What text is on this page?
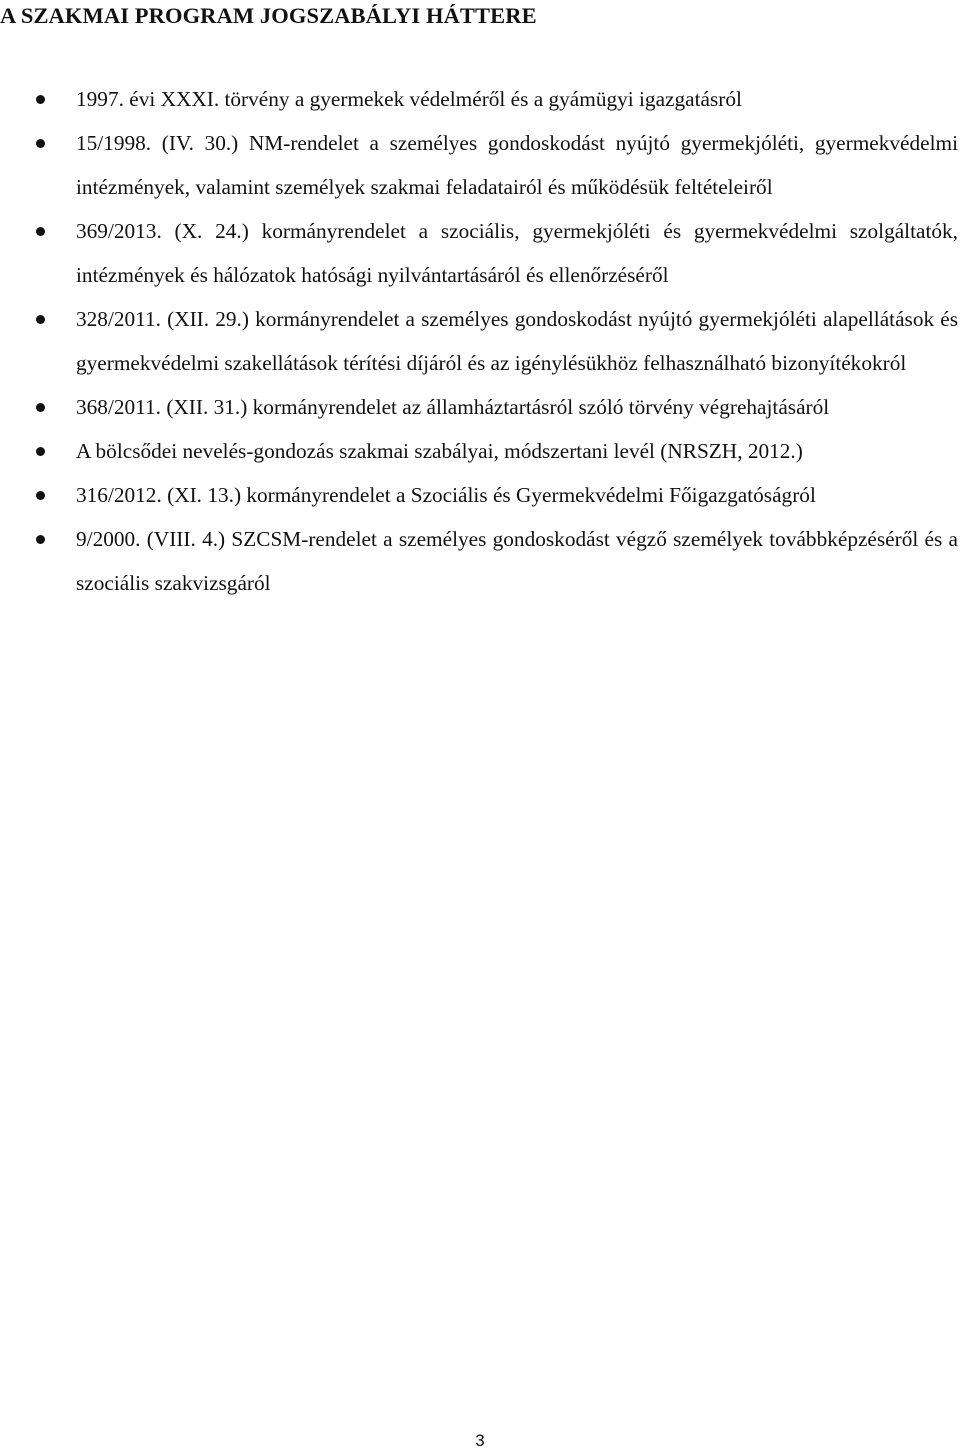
A SZAKMAI PROGRAM JOGSZABÁLYI HÁTTERE
1997. évi XXXI. törvény a gyermekek védelméről és a gyámügyi igazgatásról
15/1998. (IV. 30.) NM-rendelet a személyes gondoskodást nyújtó gyermekjóléti, gyermekvédelmi intézmények, valamint személyek szakmai feladatairól és működésük feltételeiről
369/2013. (X. 24.) kormányrendelet a szociális, gyermekjóléti és gyermekvédelmi szolgáltatók, intézmények és hálózatok hatósági nyilvántartásáról és ellenőrzéséről
328/2011. (XII. 29.) kormányrendelet a személyes gondoskodást nyújtó gyermekjóléti alapellátások és gyermekvédelmi szakellátások térítési díjáról és az igénylésükhöz felhasználható bizonyítékokról
368/2011. (XII. 31.) kormányrendelet az államháztartásról szóló törvény végrehajtásáról
A bölcsődei nevelés-gondozás szakmai szabályai, módszertani levél (NRSZH, 2012.)
316/2012. (XI. 13.) kormányrendelet a Szociális és Gyermekvédelmi Főigazgatóságról
9/2000. (VIII. 4.) SZCSM-rendelet a személyes gondoskodást végző személyek továbbképzéséről és a szociális szakvizsgáról
3
